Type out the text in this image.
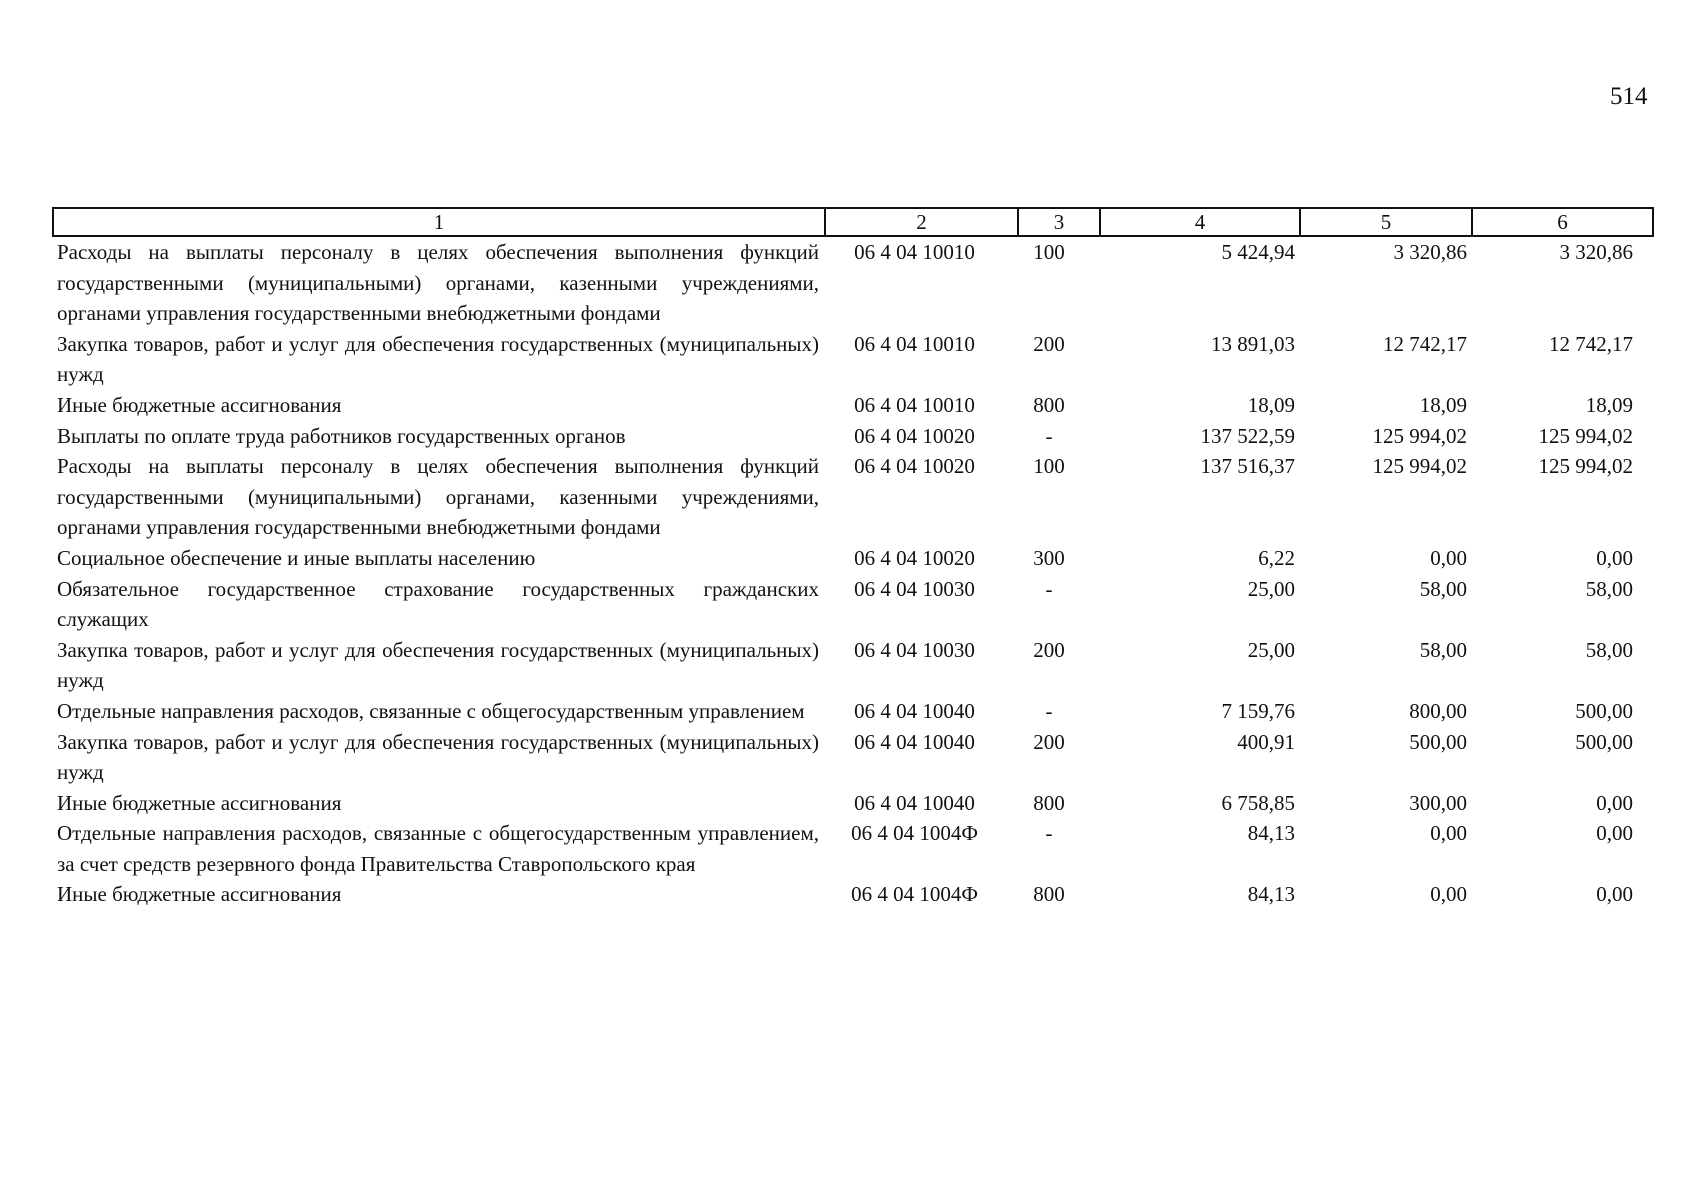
514
1	2	3	4	5	6
Расходы на выплаты персоналу в целях обеспечения выполнения функций государственными (муниципальными) органами, казенными учреждениями, органами управления государственными внебюджетными фондами	06 4 04 10010	100	5 424,94	3 320,86	3 320,86
Закупка товаров, работ и услуг для обеспечения государственных (муниципальных) нужд	06 4 04 10010	200	13 891,03	12 742,17	12 742,17
Иные бюджетные ассигнования	06 4 04 10010	800	18,09	18,09	18,09
Выплаты по оплате труда работников государственных органов	06 4 04 10020	-	137 522,59	125 994,02	125 994,02
Расходы на выплаты персоналу в целях обеспечения выполнения функций государственными (муниципальными) органами, казенными учреждениями, органами управления государственными внебюджетными фондами	06 4 04 10020	100	137 516,37	125 994,02	125 994,02
Социальное обеспечение и иные выплаты населению	06 4 04 10020	300	6,22	0,00	0,00
Обязательное государственное страхование государственных гражданских служащих	06 4 04 10030	-	25,00	58,00	58,00
Закупка товаров, работ и услуг для обеспечения государственных (муниципальных) нужд	06 4 04 10030	200	25,00	58,00	58,00
Отдельные направления расходов, связанные с общегосударственным управлением	06 4 04 10040	-	7 159,76	800,00	500,00
Закупка товаров, работ и услуг для обеспечения государственных (муниципальных) нужд	06 4 04 10040	200	400,91	500,00	500,00
Иные бюджетные ассигнования	06 4 04 10040	800	6 758,85	300,00	0,00
Отдельные направления расходов, связанные с общегосударственным управлением, за счет средств резервного фонда Правительства Ставропольского края	06 4 04 1004Ф	-	84,13	0,00	0,00
Иные бюджетные ассигнования	06 4 04 1004Ф	800	84,13	0,00	0,00
